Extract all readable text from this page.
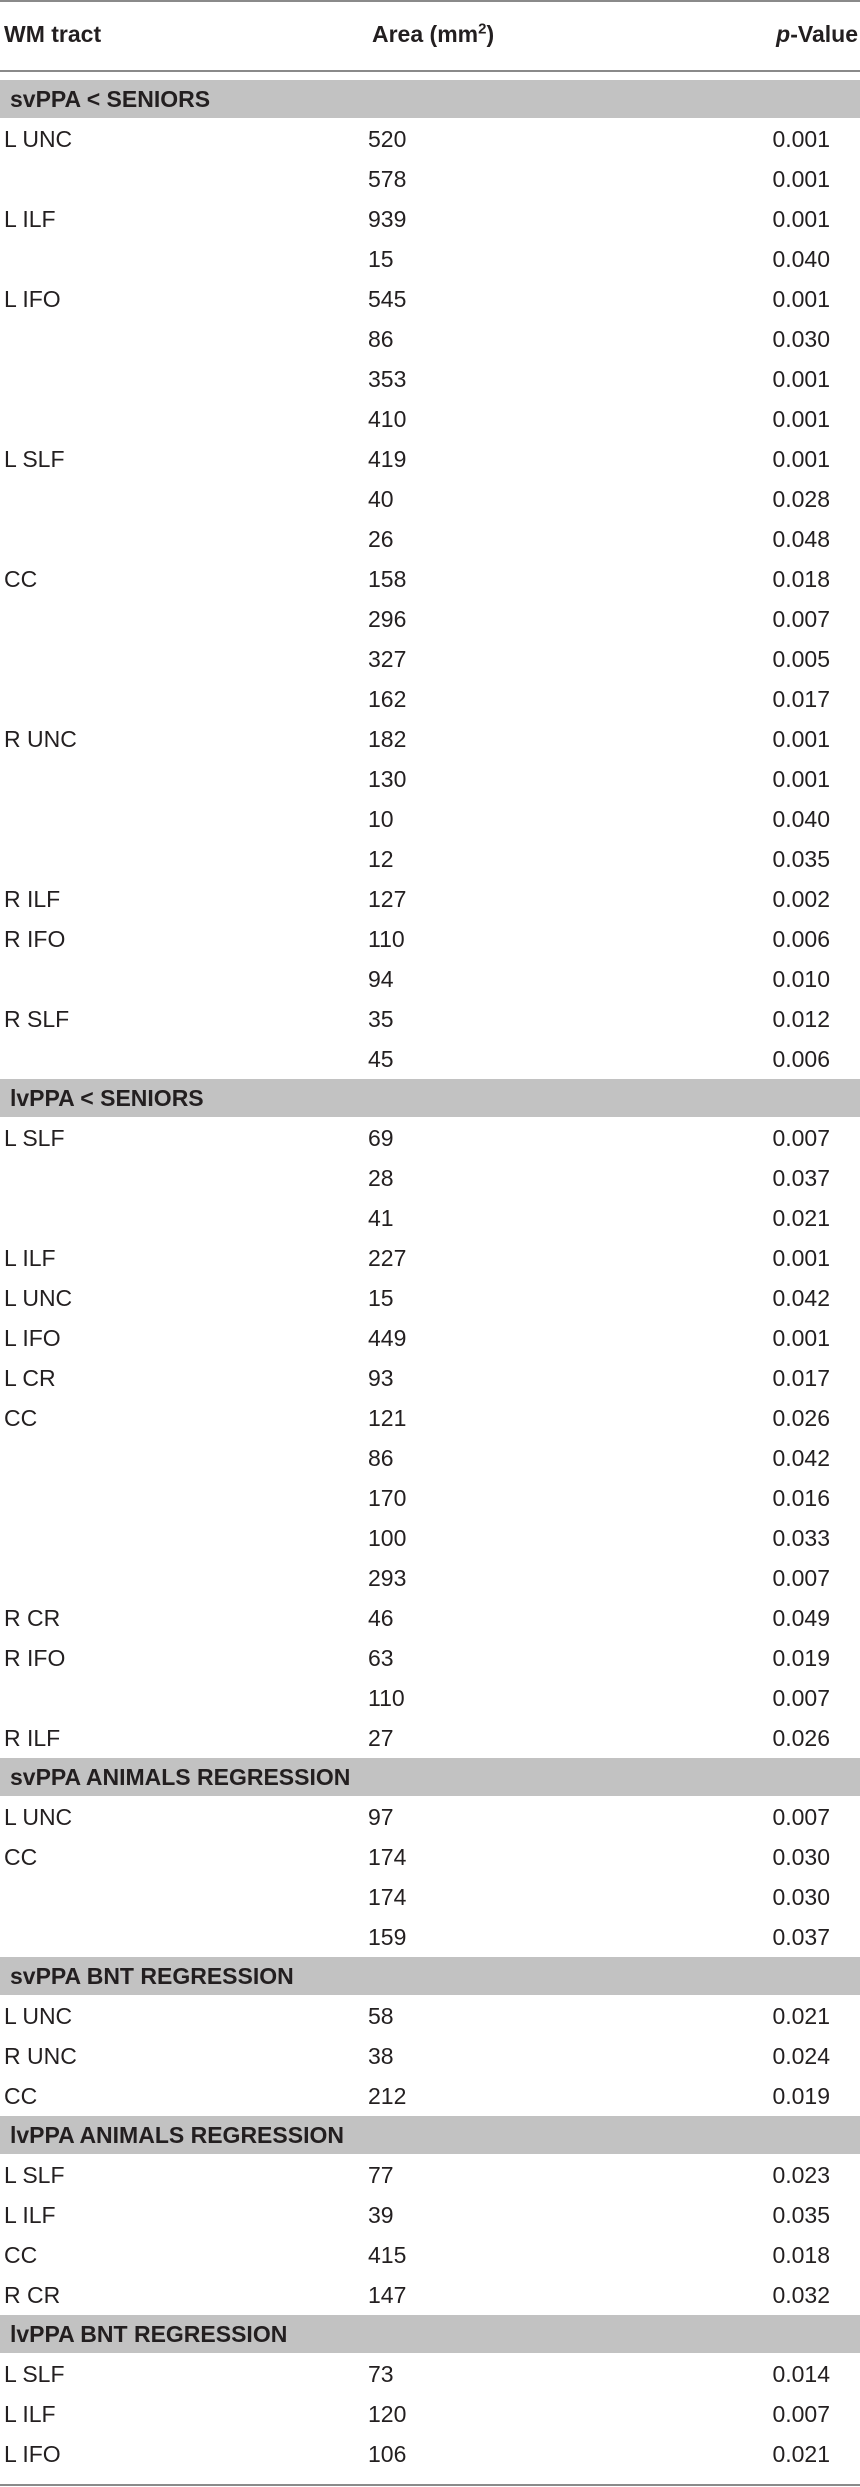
WM tract	Area $(mm^2)$	p-Value

svPPA < SENIORS		
L UNC	520	0.001
	578	0.001
L ILF	939	0.001
	15	0.040
L IFO	545	0.001
	86	0.030
	353	0.001
	410	0.001
L SLF	419	0.001
	40	0.028
	26	0.048
CC	158	0.018
	296	0.007
	327	0.005
	162	0.017
R UNC	182	0.001
	130	0.001
	10	0.040
	12	0.035
R ILF	127	0.002
R IFO	110	0.006
	94	0.010
R SLF	35	0.012
	45	0.006
lvPPA < SENIORS		
L SLF	69	0.007
	28	0.037
	41	0.021
L ILF	227	0.001
L UNC	15	0.042
L IFO	449	0.001
L CR	93	0.017
CC	121	0.026
	86	0.042
	170	0.016
	100	0.033
	293	0.007
R CR	46	0.049
R IFO	63	0.019
	110	0.007
R ILF	27	0.026
svPPA ANIMALS REGRESSION		
L UNC	97	0.007
CC	174	0.030
	174	0.030
	159	0.037
svPPA BNT REGRESSION		
L UNC	58	0.021
R UNC	38	0.024
CC	212	0.019
lvPPA ANIMALS REGRESSION		
L SLF	77	0.023
L ILF	39	0.035
CC	415	0.018
R CR	147	0.032
lvPPA BNT REGRESSION		
L SLF	73	0.014
L ILF	120	0.007
L IFO	106	0.021
